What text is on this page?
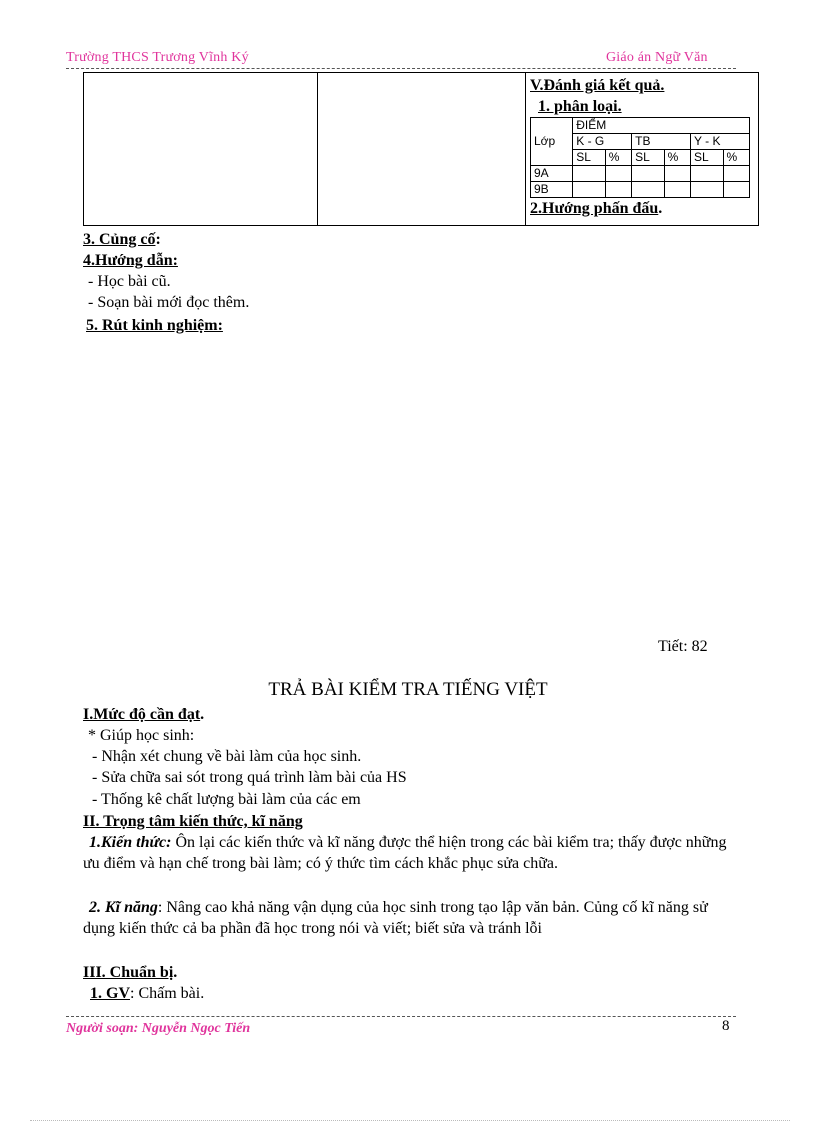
Trường THCS Trương Vĩnh Ký	Giáo án Ngữ Văn

V.Đánh giá kết quả.
1. phân loại.
Lớp	ĐIỂM
K - G	TB	Y - K
SL	%	SL	%	SL	%
9A						
9B						
2.Hướng phấn đấu.
3. Củng cố:
4.Hướng dẫn:
- Học bài cũ.
- Soạn bài mới đọc thêm.
5. Rút kinh nghiệm:
Tiết: 82
TRẢ BÀI KIỂM TRA TIẾNG VIỆT
I.Mức độ cần đạt.
* Giúp học sinh:
- Nhận xét chung về bài làm của học sinh.
- Sửa chữa sai sót trong quá trình làm bài của HS
- Thống kê chất lượng bài làm của các em
II. Trọng tâm kiến thức, kĩ năng
1.Kiến thức: Ôn lại các kiến thức và kĩ năng được thể hiện trong các bài kiểm tra; thấy được những ưu điểm và hạn chế trong bài làm; có ý thức tìm cách khắc phục sửa chữa.
2. Kĩ năng: Nâng cao khả năng vận dụng của học sinh trong tạo lập văn bản. Củng cố kĩ năng sử dụng kiến thức cả ba phần đã học trong nói và viết; biết sửa và tránh lỗi
III. Chuẩn bị.
1. GV: Chấm bài.
Người soạn: Nguyễn Ngọc Tiến	8
